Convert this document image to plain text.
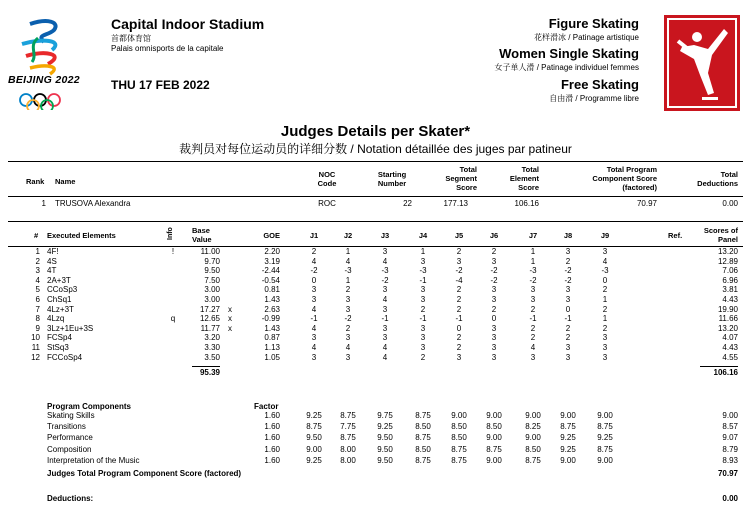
BEIJING 2022
Capital Indoor Stadium
首都体育馆
Palais omnisports de la capitale
THU 17 FEB 2022
Figure Skating
花样滑冰 / Patinage artistique
Women Single Skating
女子单人滑 / Patinage individuel femmes
Free Skating
自由滑 / Programme libre
Judges Details per Skater*
裁判员对每位运动员的详细分数 / Notation détaillée des juges par patineur
Rank Name
NOC
Code
Starting
Number
Total
Segment
Score
Total
Element
Score
Total Program
Component Score
(factored)
Total
Deductions
1 TRUSOVA Alexandra	ROC	22	177.13	106.16	70.97	0.00
# Executed Elements	Info Base
Value	GOE	J1	J2	J3	J4	J5	J6	J7	J8	J9	Ref.
Scores of
Panel
1 4F!	!	11.00	2.20	2	1	3	1	2	2	1	3	3	13.20
2 4S	9.70	3.19	4	4	4	3	3	3	1	2	4	12.89
3 4T	9.50	-2.44	-2	-3	-3	-3	-2	-2	-3	-2	-3	7.06
4 2A+3T	7.50	-0.54	0	1	-2	-1	-4	-2	-2	-2	0	6.96
5 CCoSp3	3.00	0.81	3	2	3	3	2	3	3	3	2	3.81
6 ChSq1	3.00	1.43	3	3	4	3	2	3	3	3	1	4.43
7 4Lz+3T	17.27 x	2.63	4	3	3	2	2	2	2	0	2	19.90
8 4Lzq	q	12.65 x	-0.99	-1	-2	-1	-1	-1	0	-1	-1	1	11.66
9 3Lz+1Eu+3S	11.77 x	1.43	4	2	3	3	0	3	2	2	2	13.20
10 FCSp4	3.20	0.87	3	3	3	3	2	3	2	2	3	4.07
11 StSq3	3.30	1.13	4	4	4	3	2	3	4	3	3	4.43
12 FCCoSp4	3.50	1.05	3	3	4	2	3	3	3	3	3	4.55
95.39	106.16
Program Components	Factor
Skating Skills	1.60	9.25	8.75	9.75	8.75	9.00	9.00	9.00	9.00	9.00	9.00
Transitions	1.60	8.75	7.75	9.25	8.50	8.50	8.50	8.25	8.75	8.75	8.57
Performance	1.60	9.50	8.75	9.50	8.75	8.50	9.00	9.00	9.25	9.25	9.07
Composition	1.60	9.00	8.00	9.50	8.50	8.75	8.75	8.50	9.25	8.75	8.79
Interpretation of the Music	1.60	9.25	8.00	9.50	8.75	8.75	9.00	8.75	9.00	9.00	8.93
Judges Total Program Component Score (factored)	70.97
Deductions:	0.00
